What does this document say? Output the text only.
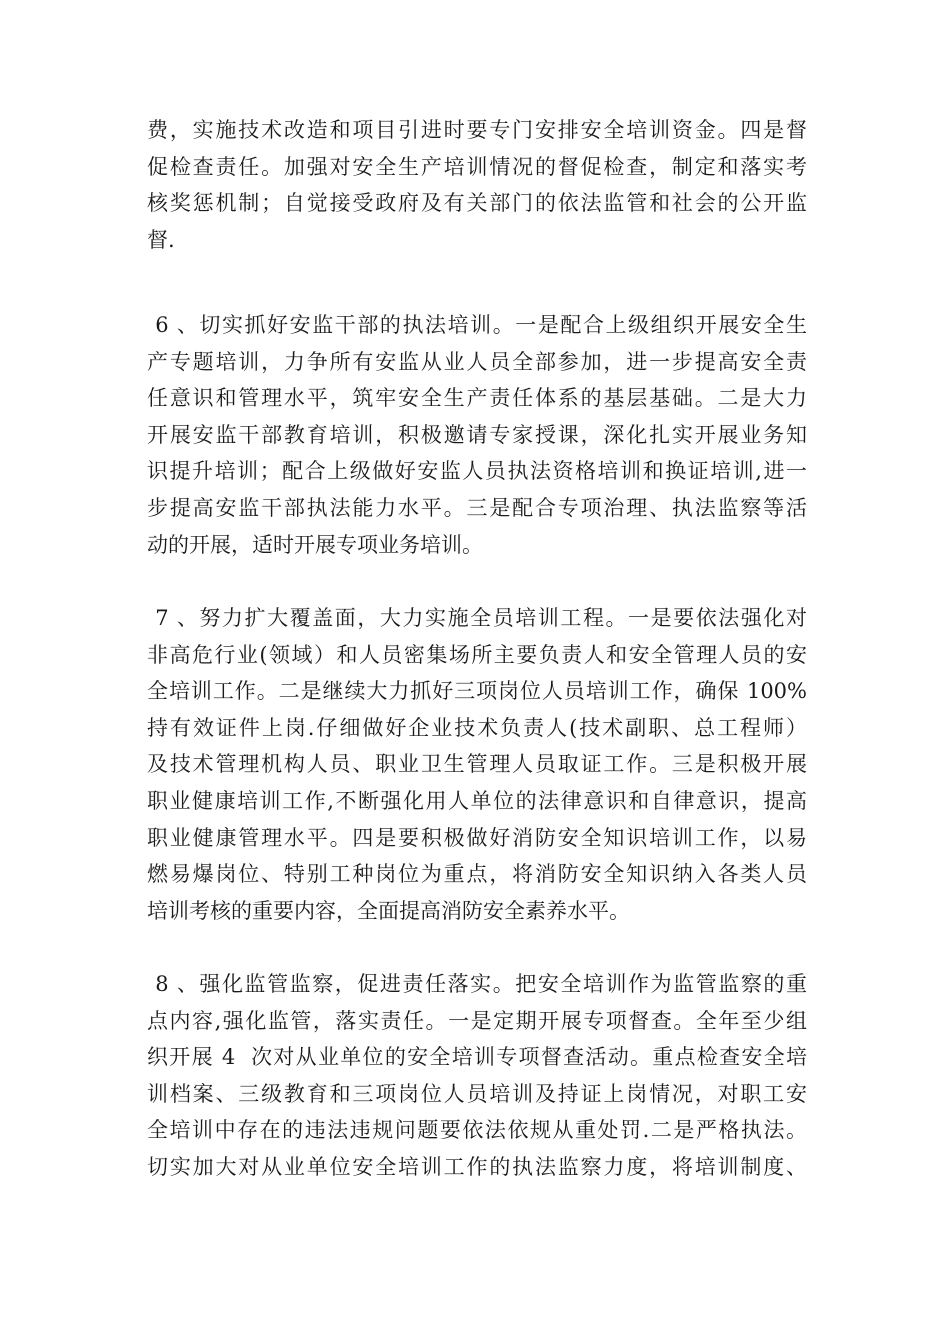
费，实施技术改造和项目引进时要专门安排安全培训资金。四是督
促检查责任。加强对安全生产培训情况的督促检查，制定和落实考
核奖惩机制；自觉接受政府及有关部门的依法监管和社会的公开监
督.
6 、切实抓好安监干部的执法培训。一是配合上级组织开展安全生
产专题培训，力争所有安监从业人员全部参加，进一步提高安全责
任意识和管理水平，筑牢安全生产责任体系的基层基础。二是大力
开展安监干部教育培训，积极邀请专家授课，深化扎实开展业务知
识提升培训；配合上级做好安监人员执法资格培训和换证培训,进一
步提高安监干部执法能力水平。三是配合专项治理、执法监察等活
动的开展，适时开展专项业务培训。
7 、努力扩大覆盖面，大力实施全员培训工程。一是要依法强化对
非高危行业(领域）和人员密集场所主要负责人和安全管理人员的安
全培训工作。二是继续大力抓好三项岗位人员培训工作，确保 100%
持有效证件上岗.仔细做好企业技术负责人(技术副职、总工程师）
及技术管理机构人员、职业卫生管理人员取证工作。三是积极开展
职业健康培训工作,不断强化用人单位的法律意识和自律意识，提高
职业健康管理水平。四是要积极做好消防安全知识培训工作，以易
燃易爆岗位、特别工种岗位为重点，将消防安全知识纳入各类人员
培训考核的重要内容，全面提高消防安全素养水平。
8 、强化监管监察，促进责任落实。把安全培训作为监管监察的重
点内容,强化监管，落实责任。一是定期开展专项督查。全年至少组
织开展 4  次对从业单位的安全培训专项督查活动。重点检查安全培
训档案、三级教育和三项岗位人员培训及持证上岗情况，对职工安
全培训中存在的违法违规问题要依法依规从重处罚.二是严格执法。
切实加大对从业单位安全培训工作的执法监察力度，将培训制度、
